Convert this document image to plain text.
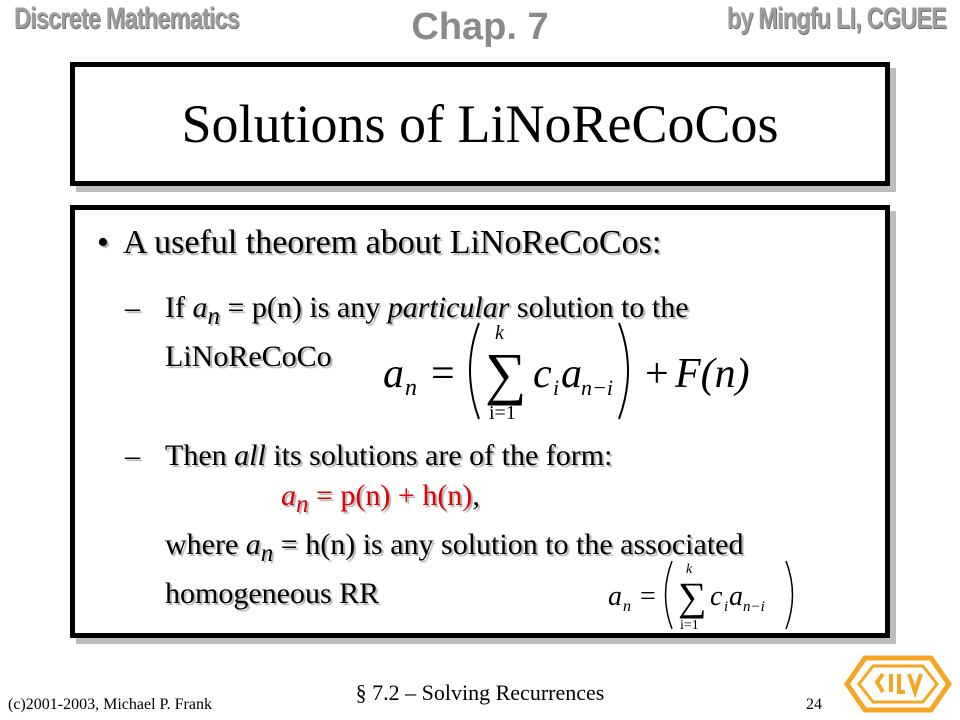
Discrete Mathematics	Chap. 7	by Mingfu LI, CGUEE
Solutions of LiNoReCoCos
• A useful theorem about LiNoReCoCos:
– If $a_n = p(n)$ is any particular solution to the LiNoReCoCo
– Then all its solutions are of the form:
$a_n = p(n) + h(n)$,
where $a_n = h(n)$ is any solution to the associated homogeneous RR
a n =
k
∑
i=1
c i a n−i + F(n)
a n =
k
∑
i=1
c i a n−i
(c)2001-2003, Michael P. Frank	§ 7.2 – Solving Recurrences	24
